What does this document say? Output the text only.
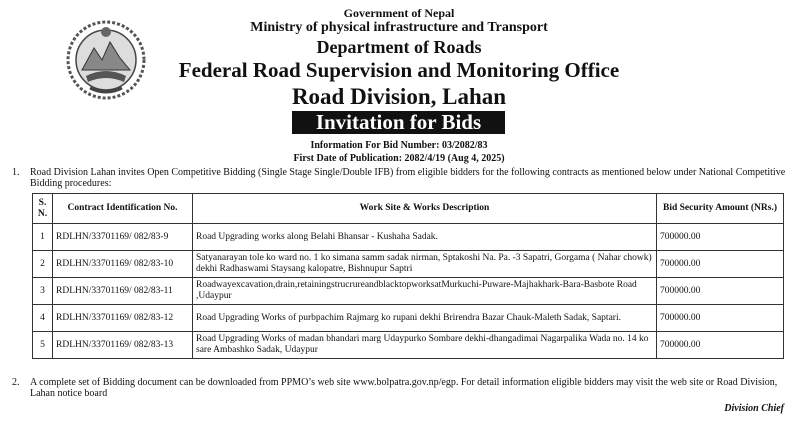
Government of Nepal
Ministry of physical infrastructure and Transport
Department of Roads
Federal Road Supervision and Monitoring Office
Road Division, Lahan
Invitation for Bids
Information For Bid Number: 03/2082/83
First Date of Publication: 2082/4/19 (Aug 4, 2025)
1. Road Division Lahan invites Open Competitive Bidding (Single Stage Single/Double IFB) from eligible bidders for the following contracts as mentioned below under National Competitive Bidding procedures:
S. N.	Contract Identification No.	Work Site & Works Description	Bid Security Amount (NRs.)
1	RDLHN/33701169/ 082/83-9	Road Upgrading works along Belahi Bhansar - Kushaha Sadak.	700000.00
2	RDLHN/33701169/ 082/83-10	Satyanarayan tole ko ward no. 1 ko simana samm sadak nirman, Sptakoshi Na. Pa. -3 Sapatri, Gorgama ( Nahar chowk) dekhi Radhaswami Staysang kalopatre, Bishnupur Saptri	700000.00
3	RDLHN/33701169/ 082/83-11	Roadwayexcavation,drain,retainingstrucrureandblacktopworksatMurkuchi-Puware-Majhakhark-Bara-Basbote Road ,Udaypur	700000.00
4	RDLHN/33701169/ 082/83-12	Road Upgrading Works of purbpachim Rajmarg ko rupani dekhi Brirendra Bazar Chauk-Maleth Sadak, Saptari.	700000.00
5	RDLHN/33701169/ 082/83-13	Road Upgrading Works of madan bhandari marg Udaypurko Sombare dekhi-dhangadimai Nagarpalika Wada no. 14 ko sare Ambashko Sadak, Udaypur	700000.00
2. A complete set of Bidding document can be downloaded from PPMO’s web site www.bolpatra.gov.np/egp. For detail information eligible bidders may visit the web site or Road Division, Lahan notice board
Division Chief
